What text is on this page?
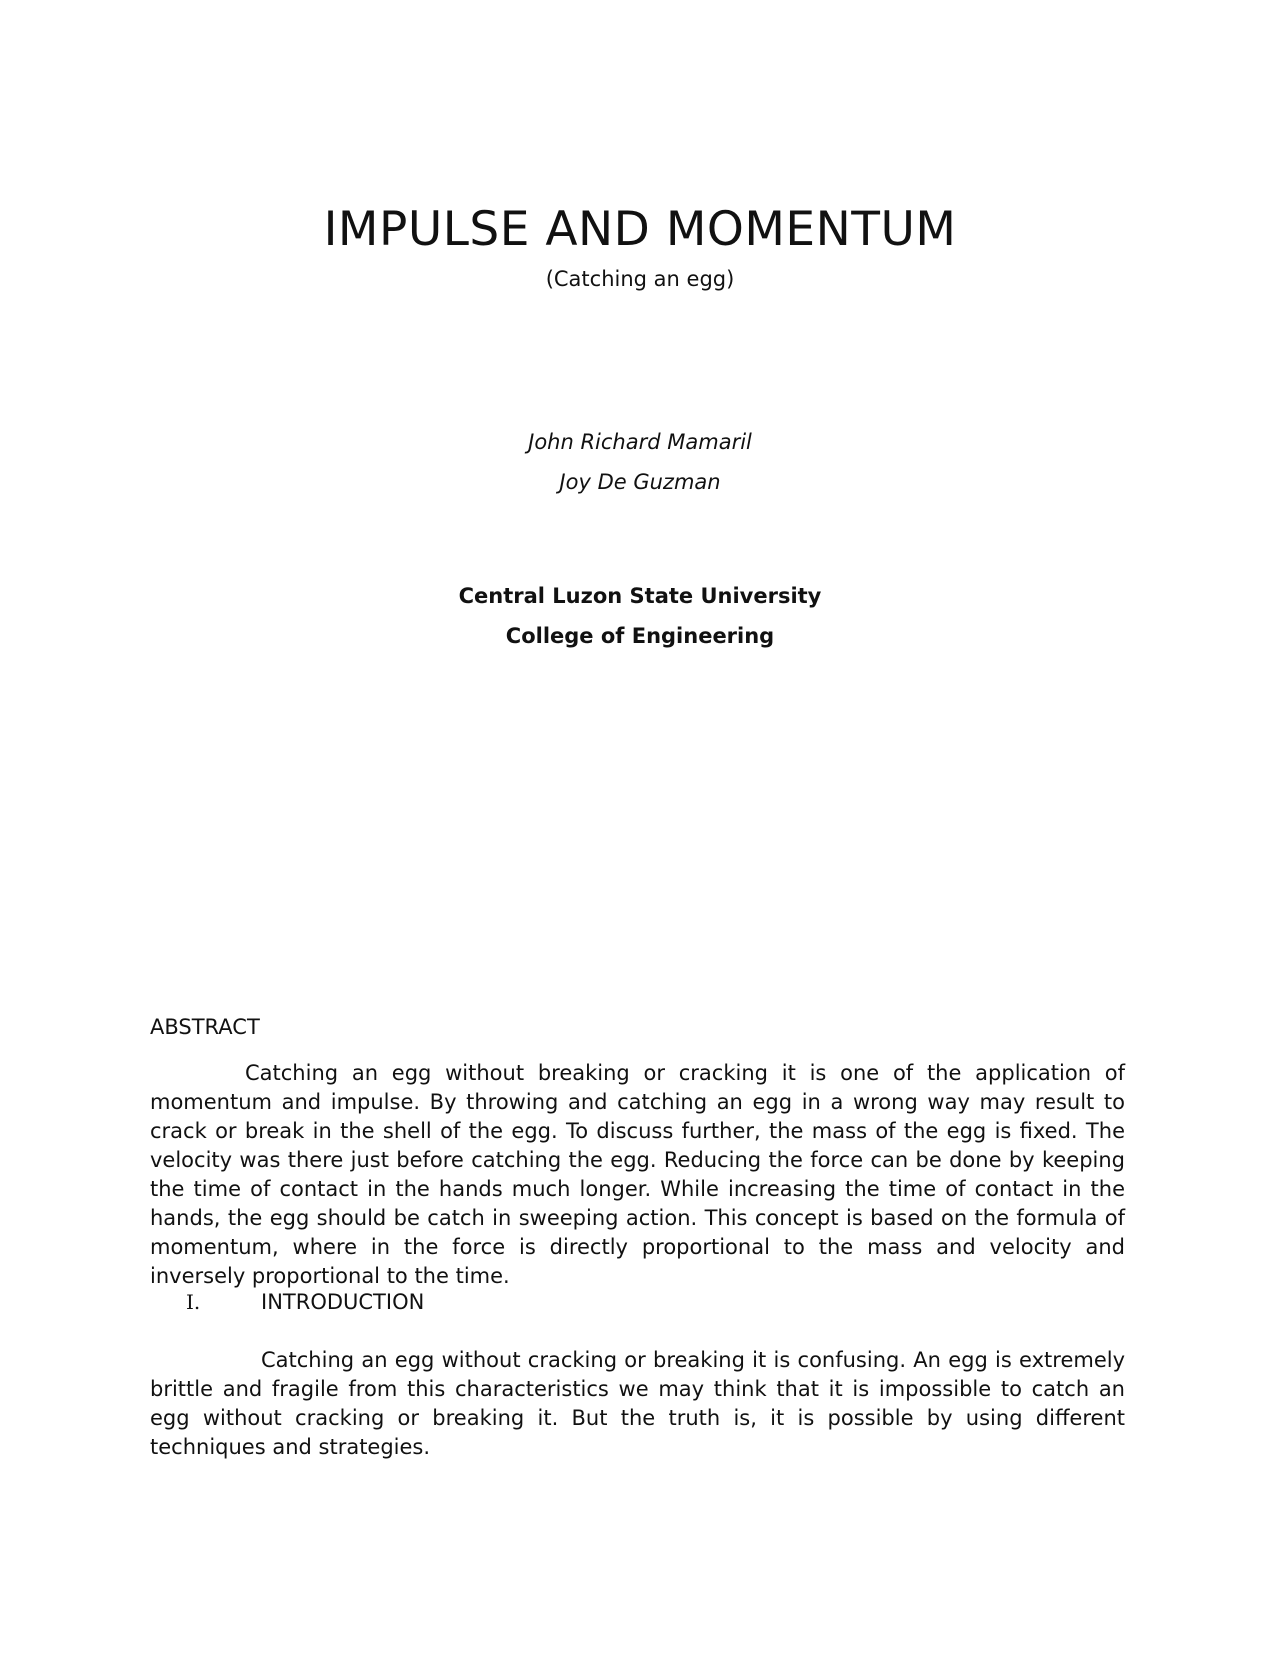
IMPULSE AND MOMENTUM
(Catching an egg)
John Richard Mamaril
Joy De Guzman
Central Luzon State University
College of Engineering
ABSTRACT
Catching an egg without breaking or cracking it is one of the application of momentum and impulse. By throwing and catching an egg in a wrong way may result to crack or break in the shell of the egg. To discuss further, the mass of the egg is fixed. The velocity was there just before catching the egg. Reducing the force can be done by keeping the time of contact in the hands much longer. While increasing the time of contact in the hands, the egg should be catch in sweeping action. This concept is based on the formula of momentum, where in the force is directly proportional to the mass and velocity and inversely proportional to the time.
I.	INTRODUCTION
Catching an egg without cracking or breaking it is confusing. An egg is extremely brittle and fragile from this characteristics we may think that it is impossible to catch an egg without cracking or breaking it. But the truth is, it is possible by using different techniques and strategies.
